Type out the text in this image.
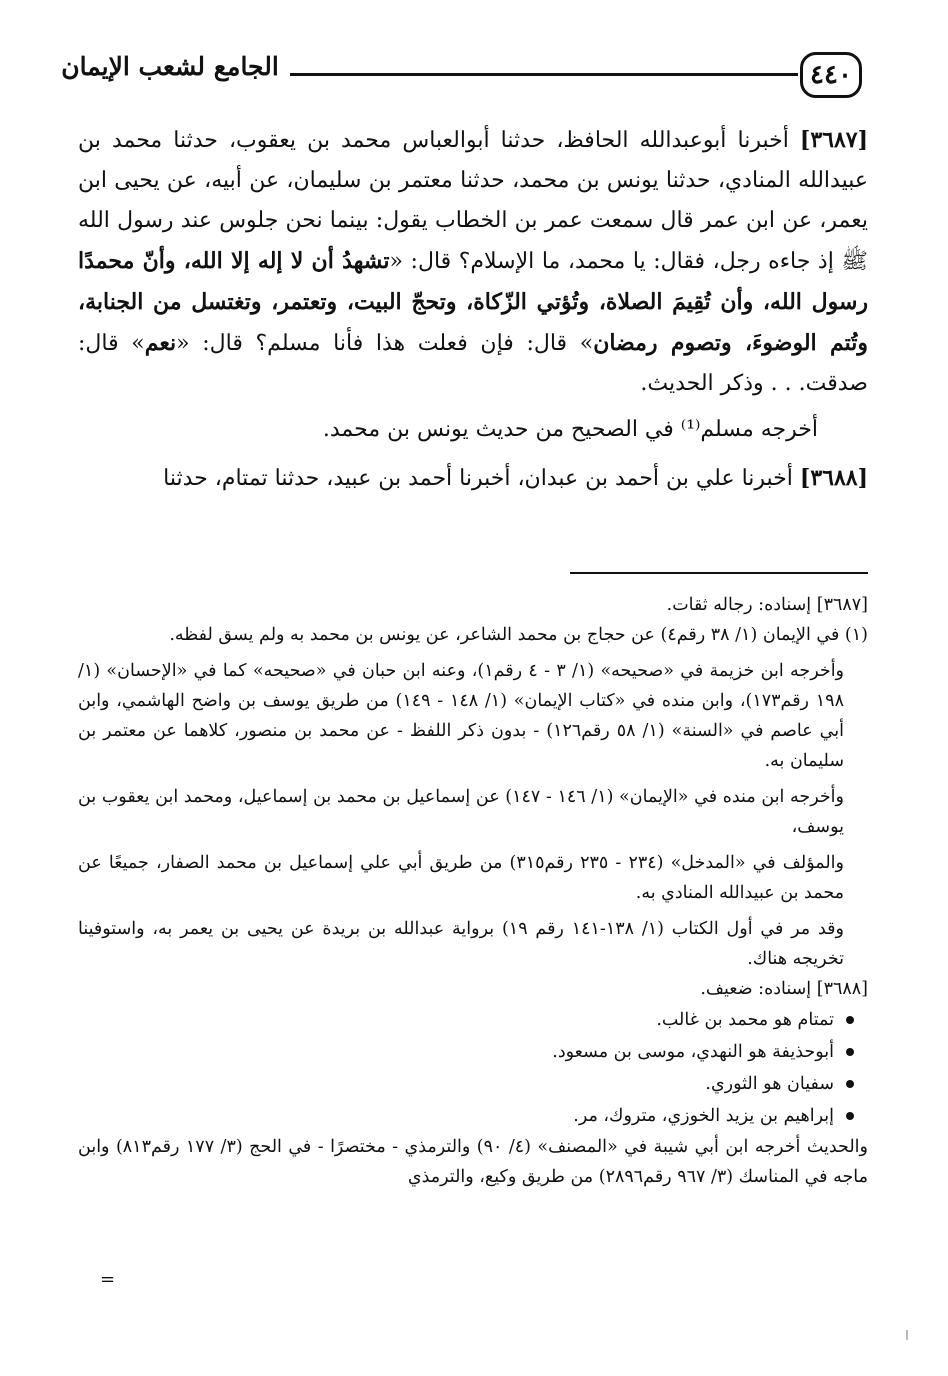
٤٤٠
الجامع لشعب الإيمان

[٣٦٨٧] أخبرنا أبوعبدالله الحافظ، حدثنا أبوالعباس محمد بن يعقوب، حدثنا محمد بن عبيدالله المنادي، حدثنا يونس بن محمد، حدثنا معتمر بن سليمان، عن أبيه، عن يحيى ابن يعمر، عن ابن عمر قال سمعت عمر بن الخطاب يقول: بينما نحن جلوس عند رسول الله ﷺ إذ جاءه رجل، فقال: يا محمد، ما الإسلام؟ قال: «تشهدُ أن لا إله إلا الله، وأنّ محمدًا رسول الله، وأن تُقِيمَ الصلاة، وتُؤتي الزّكاة، وتحجّ البيت، وتعتمر، وتغتسل من الجنابة، وتُتم الوضوءَ، وتصوم رمضان» قال: فإن فعلت هذا فأنا مسلم؟ قال: «نعم» قال: صدقت. . . وذكر الحديث.

أخرجه مسلم⁽¹⁾ في الصحيح من حديث يونس بن محمد.

[٣٦٨٨] أخبرنا علي بن أحمد بن عبدان، أخبرنا أحمد بن عبيد، حدثنا تمتام، حدثنا

[٣٦٨٧] إسناده: رجاله ثقات.

(١) في الإيمان (١/ ٣٨ رقم٤) عن حجاج بن محمد الشاعر، عن يونس بن محمد به ولم يسق لفظه.

وأخرجه ابن خزيمة في «صحيحه» (١/ ٣ - ٤ رقم١)، وعنه ابن حبان في «صحيحه» كما في «الإحسان» (١/ ١٩٨ رقم١٧٣)، وابن منده في «كتاب الإيمان» (١/ ١٤٨ - ١٤٩) من طريق يوسف بن واضح الهاشمي، وابن أبي عاصم في «السنة» (١/ ٥٨ رقم١٢٦) - بدون ذكر اللفظ - عن محمد بن منصور، كلاهما عن معتمر بن سليمان به.

وأخرجه ابن منده في «الإيمان» (١/ ١٤٦ - ١٤٧) عن إسماعيل بن محمد بن إسماعيل، ومحمد ابن يعقوب بن يوسف،

والمؤلف في «المدخل» (٢٣٤ - ٢٣٥ رقم٣١٥) من طريق أبي علي إسماعيل بن محمد الصفار، جميعًا عن محمد بن عبيدالله المنادي به.

وقد مر في أول الكتاب (١/ ١٣٨-١٤١ رقم ١٩) برواية عبدالله بن بريدة عن يحيى بن يعمر به، واستوفينا تخريجه هناك.

[٣٦٨٨] إسناده: ضعيف.

تمتام هو محمد بن غالب.
أبوحذيفة هو النهدي، موسى بن مسعود.
سفيان هو الثوري.
إبراهيم بن يزيد الخوزي، متروك، مر.

والحديث أخرجه ابن أبي شيبة في «المصنف» (٤/ ٩٠) والترمذي - مختصرًا - في الحج (٣/ ١٧٧ رقم٨١٣) وابن ماجه في المناسك (٣/ ٩٦٧ رقم٢٨٩٦) من طريق وكيع، والترمذي

=
